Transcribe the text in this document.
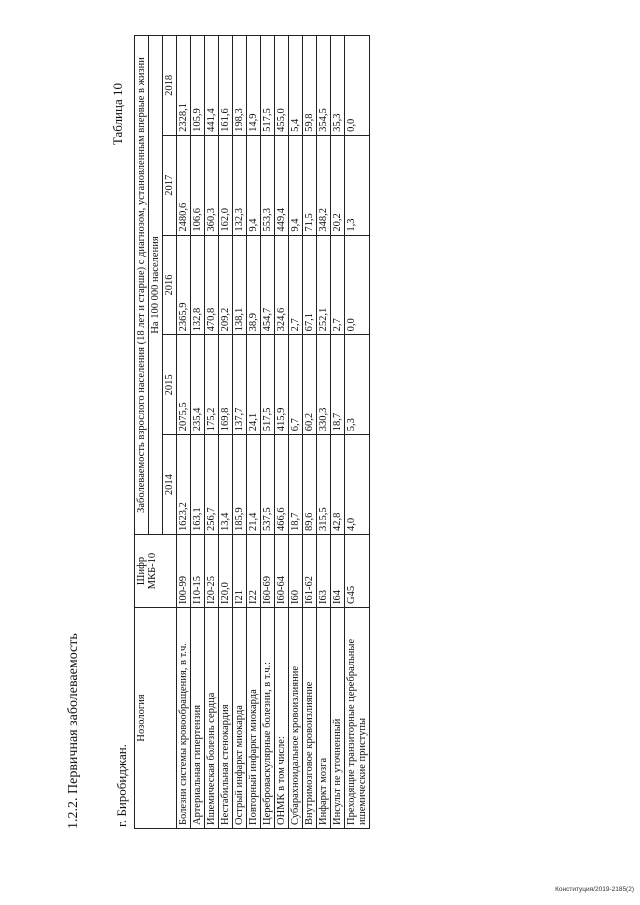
1.2.2. Первичная заболеваемость	г. Биробиджан.
Таблица 10
Нозология	Шифр МКБ-10	Заболеваемость взрослого населения (18 лет и старше) с диагнозом, установленным впервые в жизни				
		На 100 000 населения				
		2014	2015	2016	2017	2018
Болезни системы кровообращения, в т.ч.	I00-99	1623,2	2075,5	2365,9	2480,6	2328,1
Артериальная гипертензия	I10-15	163,1	235,4	132,8	106,6	105,9
Ишемическая болезнь сердца	I20-25	256,7	175,2	470,8	360,3	441,4
Нестабильная стенокардия	I20,0	13,4	169,8	209,2	162,0	161,6
Острый инфаркт миокарда	I21	185,9	137,7	138,1	132,3	198,3
Повторный инфаркт миокарда	I22	21,4	24,1	38,9	9,4	14,9
Цереброваскулярные болезни, в т.ч.:	I60-69	537,5	517,5	454,7	553,3	517,5
ОНМК в том числе:	I60-64	466,6	415,9	324,6	449,4	455,0
Субарахноидальное кровоизлияние	I60	18,7	6,7	2,7	9,4	5,4
Внутримозговое кровоизлияние	I61-62	89,6	60,2	67,1	71,5	59,8
Инфаркт мозга	I63	315,5	330,3	252,1	348,2	354,5
Инсульт не уточненный	I64	42,8	18,7	2,7	20,2	35,3
Преходящие транзиторные церебральные ишемические приступы	G45	4,0	5,3	0,0	1,3	0,0
Конституция/2019-2185(2)
